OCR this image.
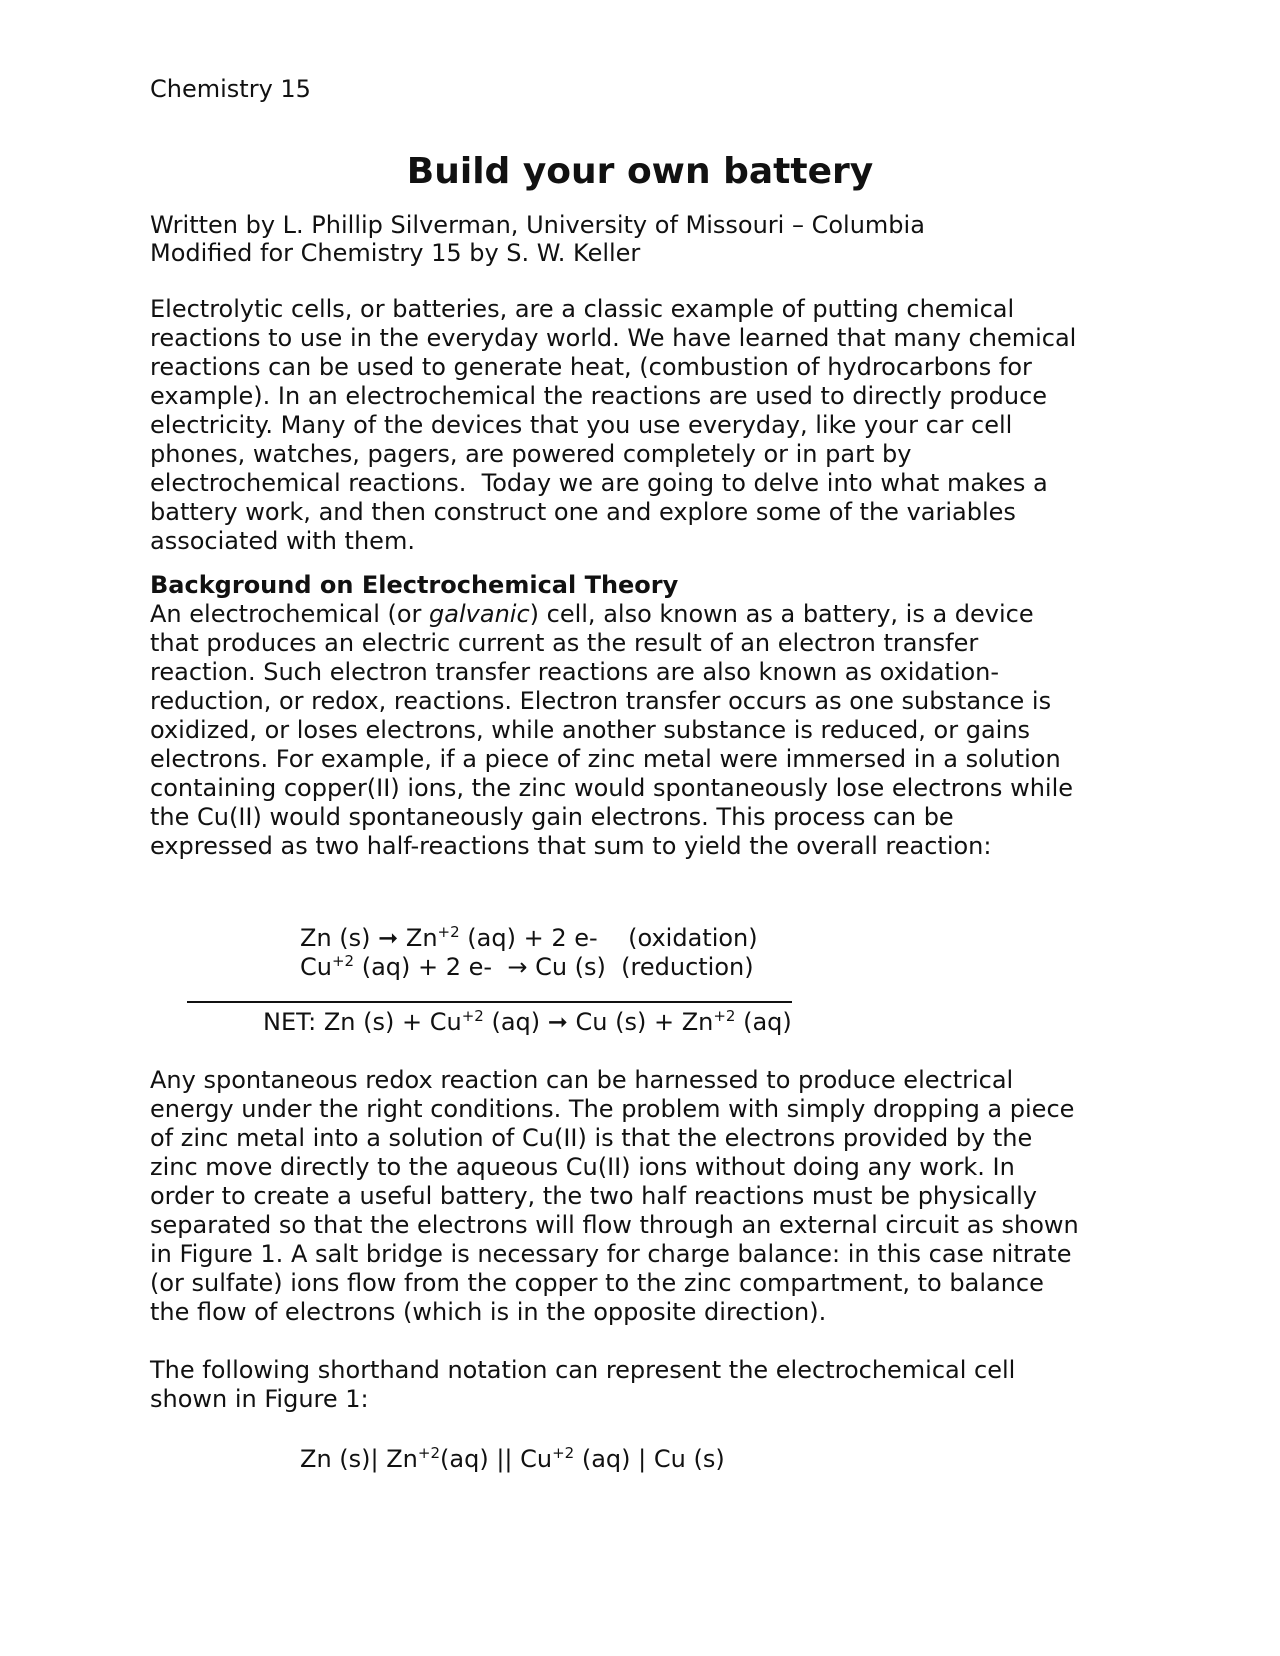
Chemistry 15
Build your own battery
Written by L. Phillip Silverman, University of Missouri – Columbia
Modified for Chemistry 15 by S. W. Keller
Electrolytic cells, or batteries, are a classic example of putting chemical
reactions to use in the everyday world. We have learned that many chemical
reactions can be used to generate heat, (combustion of hydrocarbons for
example). In an electrochemical the reactions are used to directly produce
electricity. Many of the devices that you use everyday, like your car cell
phones, watches, pagers, are powered completely or in part by
electrochemical reactions.  Today we are going to delve into what makes a
battery work, and then construct one and explore some of the variables
associated with them.
Background on Electrochemical Theory
An electrochemical (or galvanic) cell, also known as a battery, is a device
that produces an electric current as the result of an electron transfer
reaction. Such electron transfer reactions are also known as oxidation-
reduction, or redox, reactions. Electron transfer occurs as one substance is
oxidized, or loses electrons, while another substance is reduced, or gains
electrons. For example, if a piece of zinc metal were immersed in a solution
containing copper(II) ions, the zinc would spontaneously lose electrons while
the Cu(II) would spontaneously gain electrons. This process can be
expressed as two half-reactions that sum to yield the overall reaction:
Zn (s) ➞ $Zn^{+2}$ (aq) + 2 e-    (oxidation)
$Cu^{+2}$ (aq) + 2 e-  → Cu (s)  (reduction)
NET: Zn $(s) + Cu^{+2}$ (aq) ➞ Cu $(s) + Zn^{+2}$ (aq)
Any spontaneous redox reaction can be harnessed to produce electrical
energy under the right conditions. The problem with simply dropping a piece
of zinc metal into a solution of Cu(II) is that the electrons provided by the
zinc move directly to the aqueous Cu(II) ions without doing any work. In
order to create a useful battery, the two half reactions must be physically
separated so that the electrons will flow through an external circuit as shown
in Figure 1. A salt bridge is necessary for charge balance: in this case nitrate
(or sulfate) ions flow from the copper to the zinc compartment, to balance
the flow of electrons (which is in the opposite direction).
The following shorthand notation can represent the electrochemical cell
shown in Figure 1:
Zn (s)| $Zn^{+2}(aq)$ || $Cu^{+2}$ (aq) | Cu (s)
